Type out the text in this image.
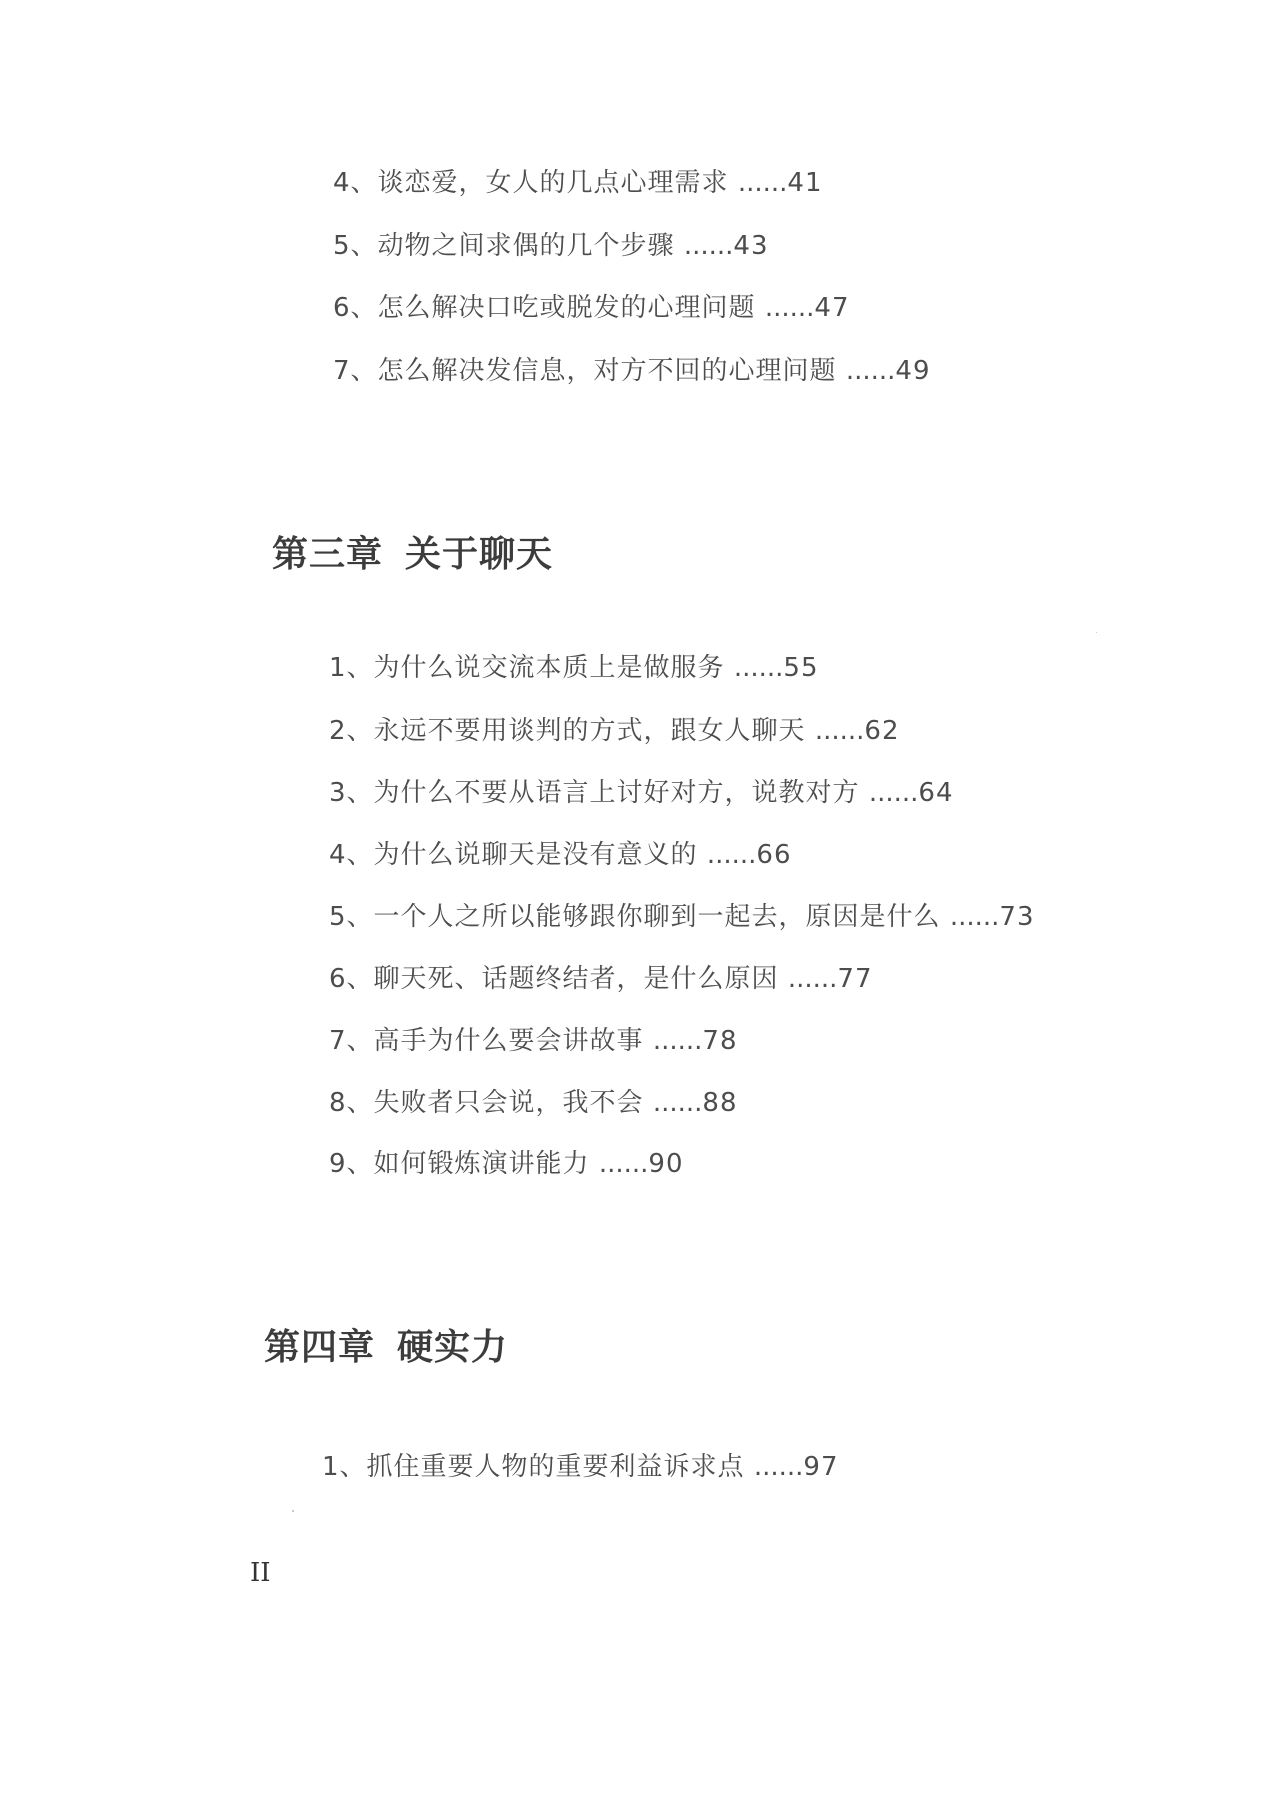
4、谈恋爱，女人的几点心理需求 ......41
5、动物之间求偶的几个步骤 ......43
6、怎么解决口吃或脱发的心理问题 ......47
7、怎么解决发信息，对方不回的心理问题 ......49
第三章 关于聊天
1、为什么说交流本质上是做服务 ......55
2、永远不要用谈判的方式，跟女人聊天 ......62
3、为什么不要从语言上讨好对方，说教对方 ......64
4、为什么说聊天是没有意义的 ......66
5、一个人之所以能够跟你聊到一起去，原因是什么 ......73
6、聊天死、话题终结者，是什么原因 ......77
7、高手为什么要会讲故事 ......78
8、失败者只会说，我不会 ......88
9、如何锻炼演讲能力 ......90
第四章 硬实力
1、抓住重要人物的重要利益诉求点 ......97
II
